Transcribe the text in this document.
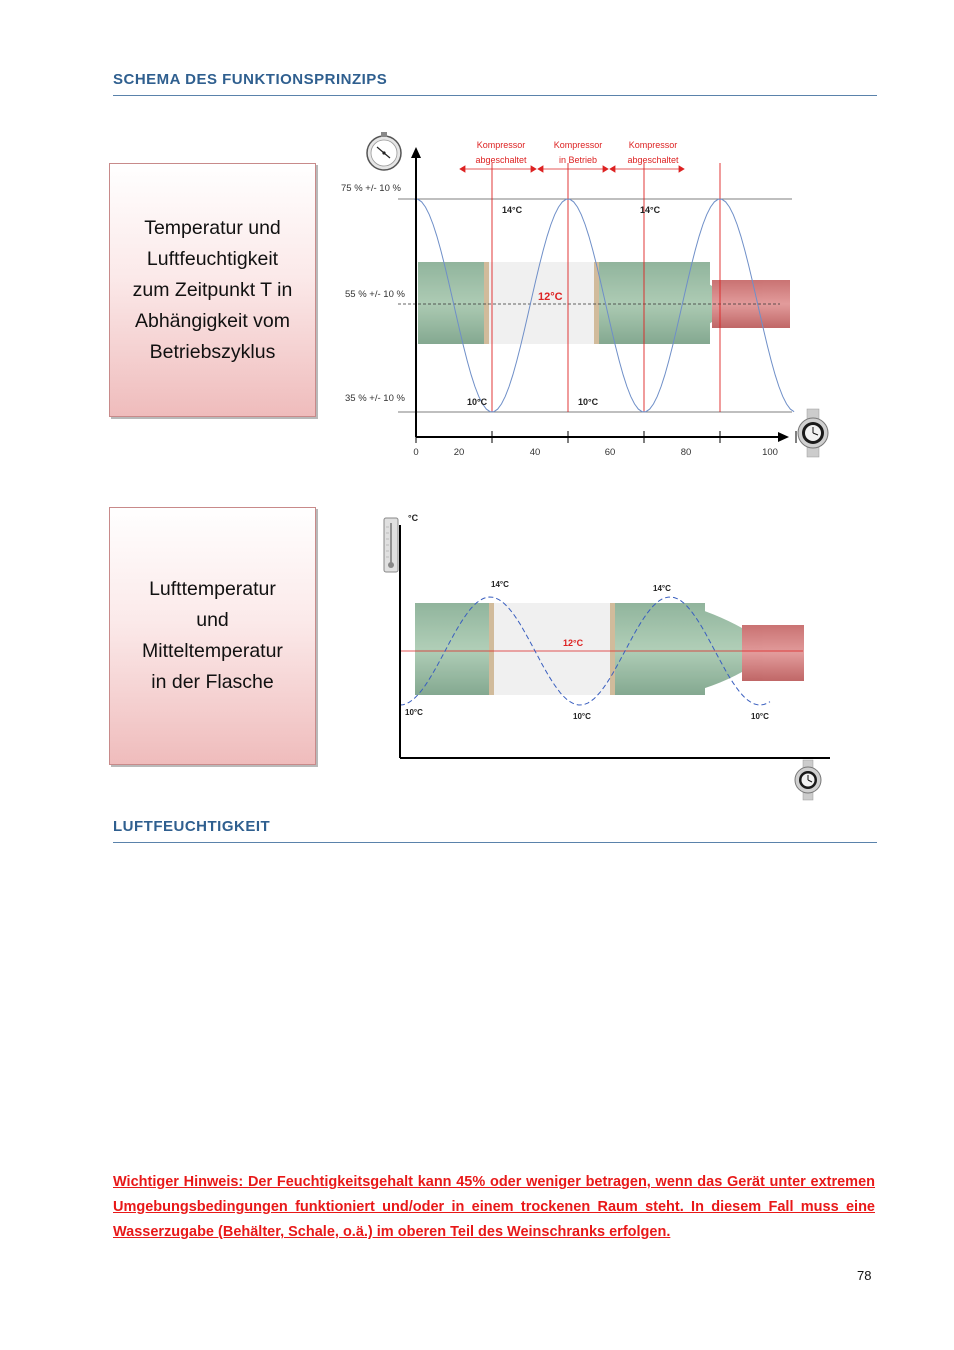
SCHEMA DES FUNKTIONSPRINZIPS
Temperatur und
Luftfeuchtigkeit
zum Zeitpunkt T in
Abhängigkeit vom
Betriebszyklus
75 % +/- 10 %
55 % +/- 10 %
35 % +/- 10 %
Kompressor
abgeschaltet
Kompressor
in Betrieb
Kompressor
abgeschaltet
14°C	14°C
12°C
10°C	10°C
0	20	40	60	80	100
Lufttemperatur
und
Mitteltemperatur
in der Flasche
°C
14°C	14°C
12°C
10°C	10°C	10°C
LUFTFEUCHTIGKEIT
Wichtiger Hinweis: Der Feuchtigkeitsgehalt kann 45% oder weniger betragen, wenn das Gerät unter extremen Umgebungsbedingungen funktioniert und/oder in einem trockenen Raum steht. In diesem Fall muss eine Wasserzugabe (Behälter, Schale, o.ä.) im oberen Teil des Weinschranks erfolgen.
78
